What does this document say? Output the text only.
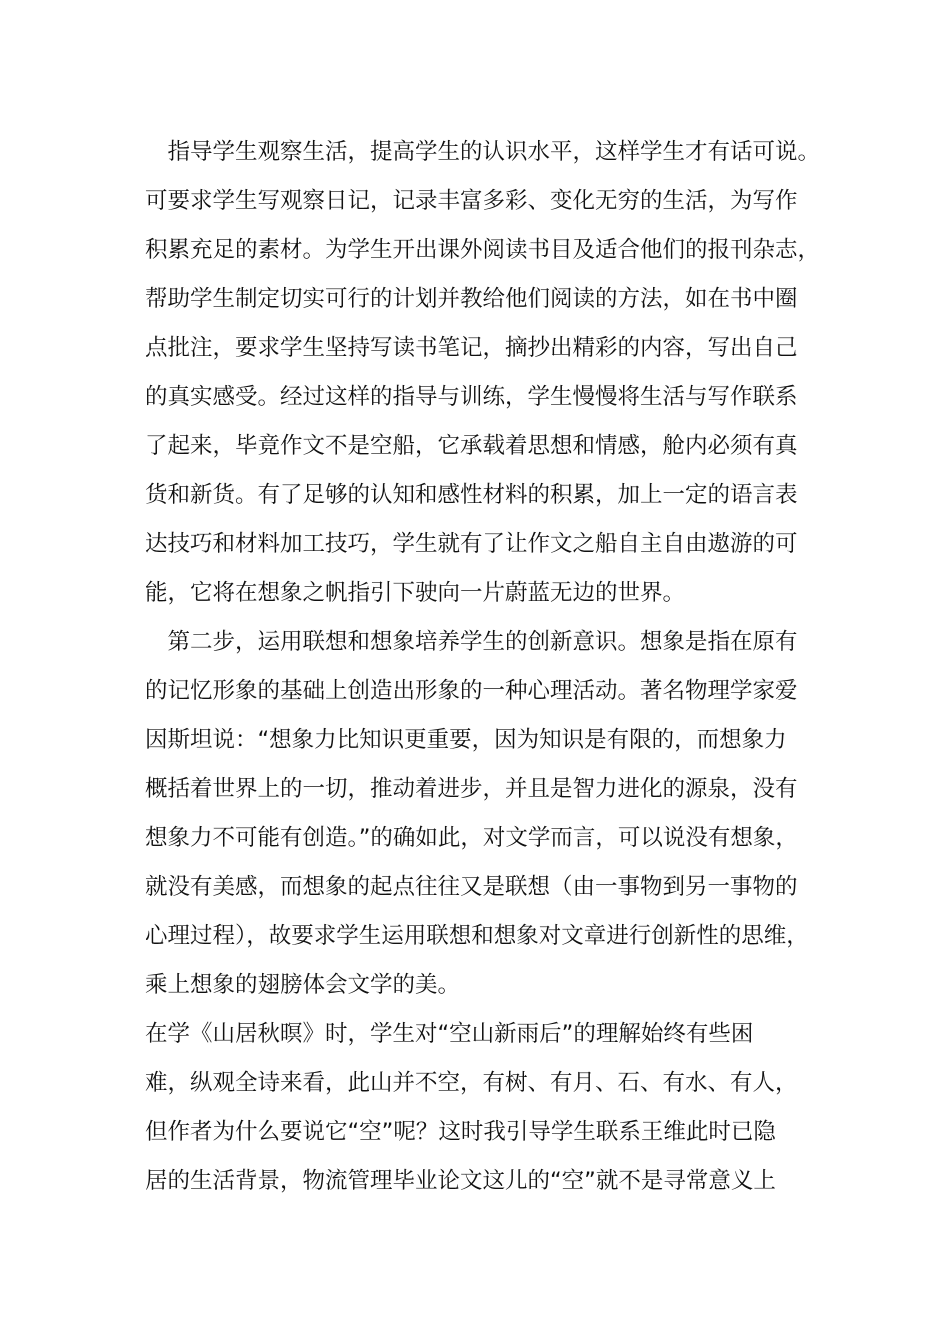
　指导学生观察生活，提高学生的认识水平，这样学生才有话可说。
可要求学生写观察日记，记录丰富多彩、变化无穷的生活，为写作
积累充足的素材。为学生开出课外阅读书目及适合他们的报刊杂志，
帮助学生制定切实可行的计划并教给他们阅读的方法，如在书中圈
点批注，要求学生坚持写读书笔记，摘抄出精彩的内容，写出自己
的真实感受。经过这样的指导与训练，学生慢慢将生活与写作联系
了起来，毕竟作文不是空船，它承载着思想和情感，舱内必须有真
货和新货。有了足够的认知和感性材料的积累，加上一定的语言表
达技巧和材料加工技巧，学生就有了让作文之船自主自由遨游的可
能，它将在想象之帆指引下驶向一片蔚蓝无边的世界。
　第二步，运用联想和想象培养学生的创新意识。想象是指在原有
的记忆形象的基础上创造出形象的一种心理活动。著名物理学家爱
因斯坦说：“想象力比知识更重要，因为知识是有限的，而想象力
概括着世界上的一切，推动着进步，并且是智力进化的源泉，没有
想象力不可能有创造。”的确如此，对文学而言，可以说没有想象，
就没有美感，而想象的起点往往又是联想（由一事物到另一事物的
心理过程），故要求学生运用联想和想象对文章进行创新性的思维，
乘上想象的翅膀体会文学的美。
在学《山居秋暝》时，学生对“空山新雨后”的理解始终有些困
难，纵观全诗来看，此山并不空，有树、有月、石、有水、有人，
但作者为什么要说它“空”呢？这时我引导学生联系王维此时已隐
居的生活背景，物流管理毕业论文这儿的“空”就不是寻常意义上
